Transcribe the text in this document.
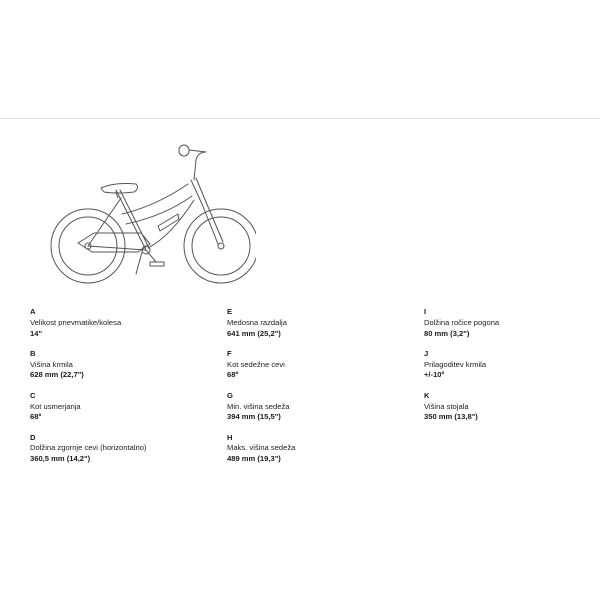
A
Velikost pnevmatike/kolesa
14"
B
Višina krmila
628 mm (22,7")
C
Kot usmerjanja
68º
D
Dolžina zgornje cevi (horizontalno)
360,5 mm (14,2")
E
Medosna razdalja
641 mm (25,2")
F
Kot sedežne cevi
68º
G
Min. višina sedeža
394 mm (15,5")
H
Maks. višina sedeža
489 mm (19,3")
I
Dolžina ročice pogona
80 mm (3,2")
J
Prilagoditev krmila
+/-10º
K
Višina stojala
350 mm (13,8")
